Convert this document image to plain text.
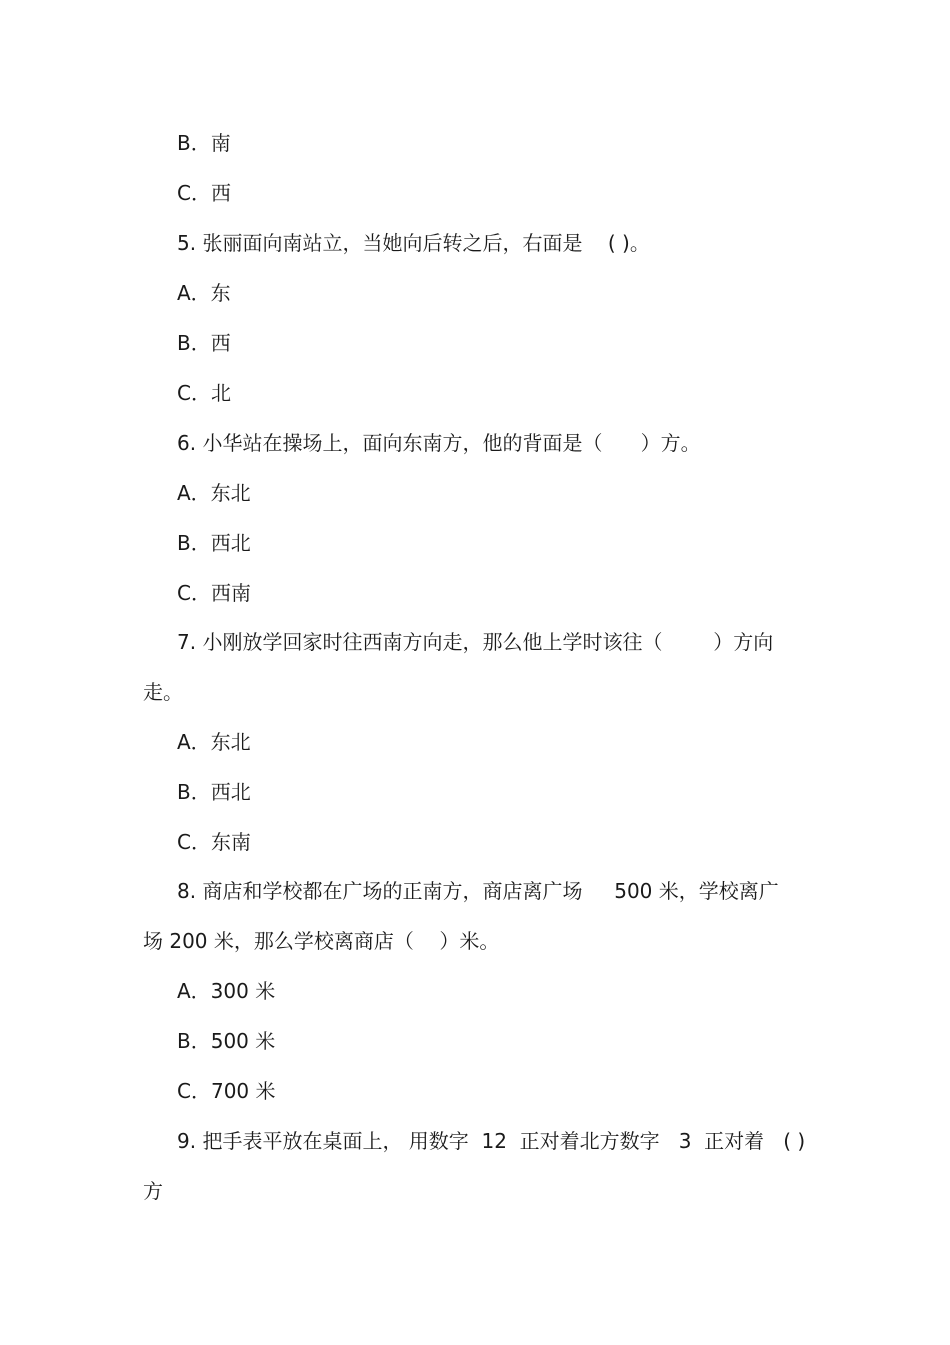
B．南
C．西
5. 张丽面向南站立，当她向后转之后，右面是    ( )。
A．东
B．西
C．北
6. 小华站在操场上，面向东南方，他的背面是（      ）方。
A．东北
B．西北
C．西南
7. 小刚放学回家时往西南方向走，那么他上学时该往（        ）方向
走。
A．东北
B．西北
C．东南
8. 商店和学校都在广场的正南方，商店离广场     500 米，学校离广
场 200 米，那么学校离商店（    ）米。
A．300 米
B．500 米
C．700 米
9. 把手表平放在桌面上， 用数字  12  正对着北方数字   3  正对着   ( )
方
